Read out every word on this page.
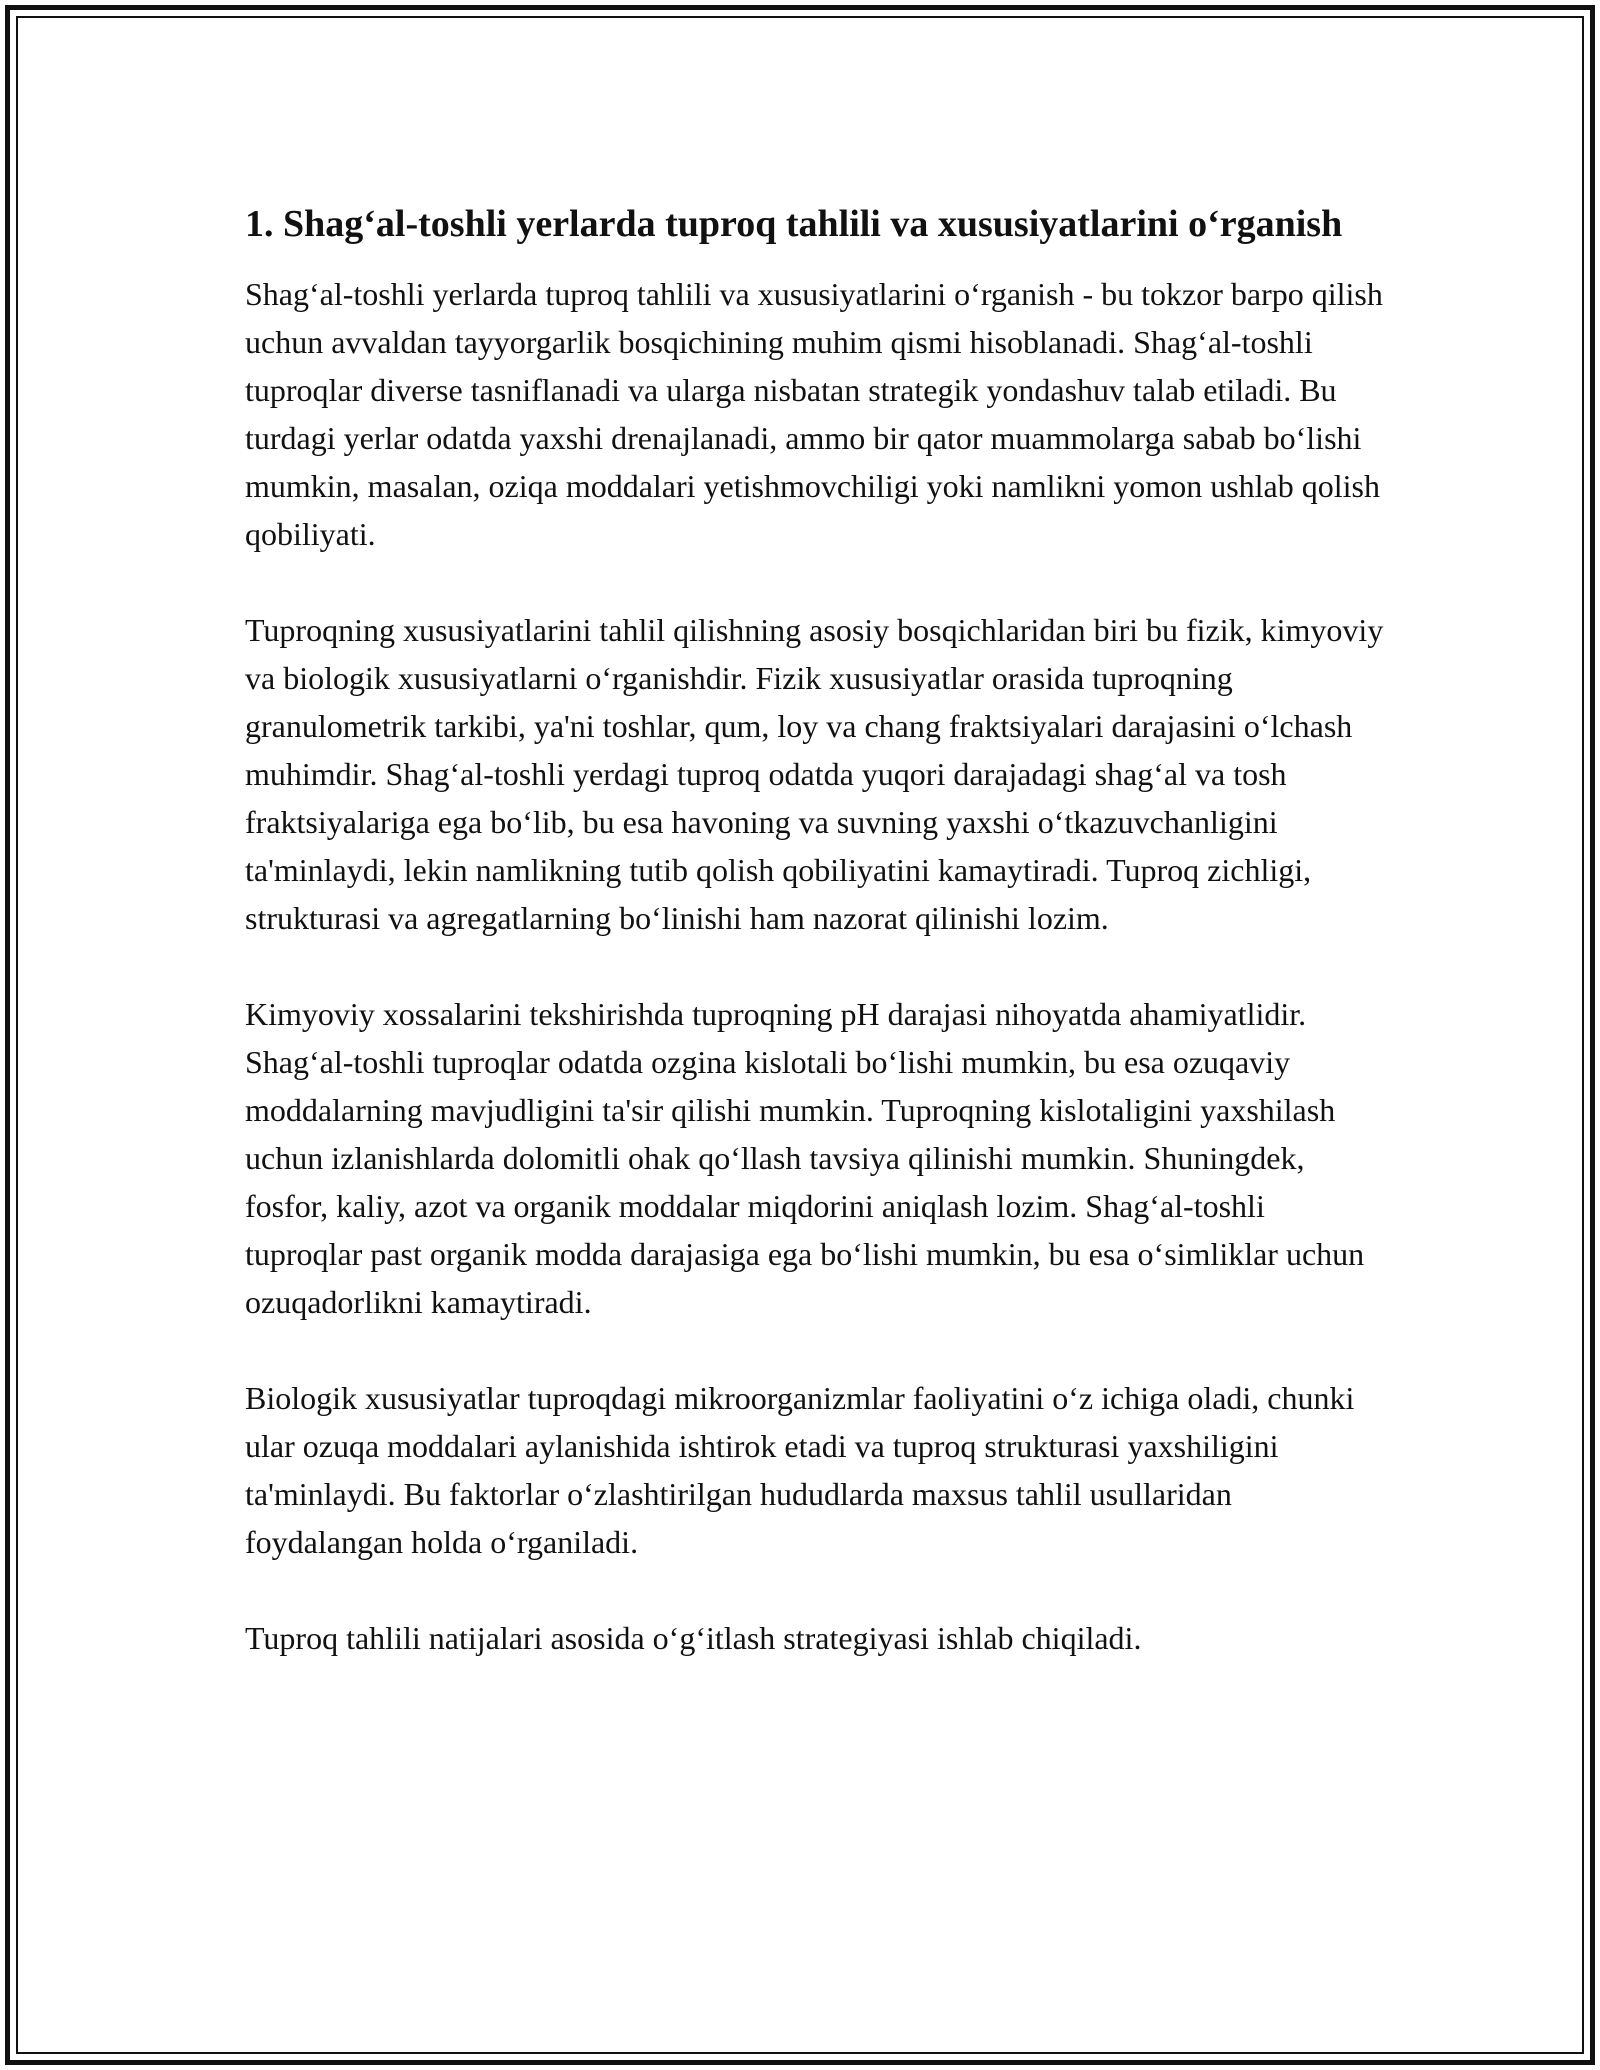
1. Shag‘al-toshli yerlarda tuproq tahlili va xususiyatlarini o‘rganish

Shag‘al-toshli yerlarda tuproq tahlili va xususiyatlarini o‘rganish - bu tokzor barpo qilish uchun avvaldan tayyorgarlik bosqichining muhim qismi hisoblanadi. Shag‘al-toshli tuproqlar diverse tasniflanadi va ularga nisbatan strategik yondashuv talab etiladi. Bu turdagi yerlar odatda yaxshi drenajlanadi, ammo bir qator muammolarga sabab bo‘lishi mumkin, masalan, oziqa moddalari yetishmovchiligi yoki namlikni yomon ushlab qolish qobiliyati.

Tuproqning xususiyatlarini tahlil qilishning asosiy bosqichlaridan biri bu fizik, kimyoviy va biologik xususiyatlarni o‘rganishdir. Fizik xususiyatlar orasida tuproqning granulometrik tarkibi, ya'ni toshlar, qum, loy va chang fraktsiyalari darajasini o‘lchash muhimdir. Shag‘al-toshli yerdagi tuproq odatda yuqori darajadagi shag‘al va tosh fraktsiyalariga ega bo‘lib, bu esa havoning va suvning yaxshi o‘tkazuvchanligini ta'minlaydi, lekin namlikning tutib qolish qobiliyatini kamaytiradi. Tuproq zichligi, strukturasi va agregatlarning bo‘linishi ham nazorat qilinishi lozim.

Kimyoviy xossalarini tekshirishda tuproqning pH darajasi nihoyatda ahamiyatlidir. Shag‘al-toshli tuproqlar odatda ozgina kislotali bo‘lishi mumkin, bu esa ozuqaviy moddalarning mavjudligini ta'sir qilishi mumkin. Tuproqning kislotaligini yaxshilash uchun izlanishlarda dolomitli ohak qo‘llash tavsiya qilinishi mumkin. Shuningdek, fosfor, kaliy, azot va organik moddalar miqdorini aniqlash lozim. Shag‘al-toshli tuproqlar past organik modda darajasiga ega bo‘lishi mumkin, bu esa o‘simliklar uchun ozuqadorlikni kamaytiradi.

Biologik xususiyatlar tuproqdagi mikroorganizmlar faoliyatini o‘z ichiga oladi, chunki ular ozuqa moddalari aylanishida ishtirok etadi va tuproq strukturasi yaxshiligini ta'minlaydi. Bu faktorlar o‘zlashtirilgan hududlarda maxsus tahlil usullaridan foydalangan holda o‘rganiladi.

Tuproq tahlili natijalari asosida o‘g‘itlash strategiyasi ishlab chiqiladi.
